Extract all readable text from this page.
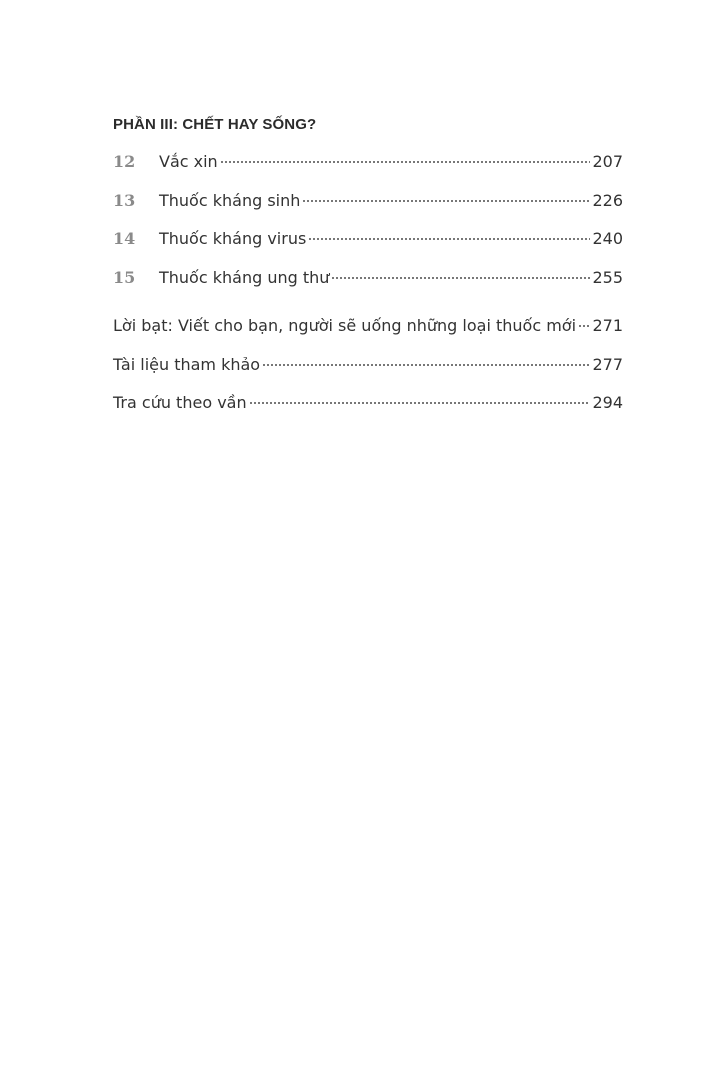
PHẦN III: CHẾT HAY SỐNG?
12	Vắc xin	207
13	Thuốc kháng sinh	226
14	Thuốc kháng virus	240
15	Thuốc kháng ung thư	255
Lời bạt: Viết cho bạn, người sẽ uống những loại thuốc mới 271
Tài liệu tham khảo	277
Tra cứu theo vần	294
